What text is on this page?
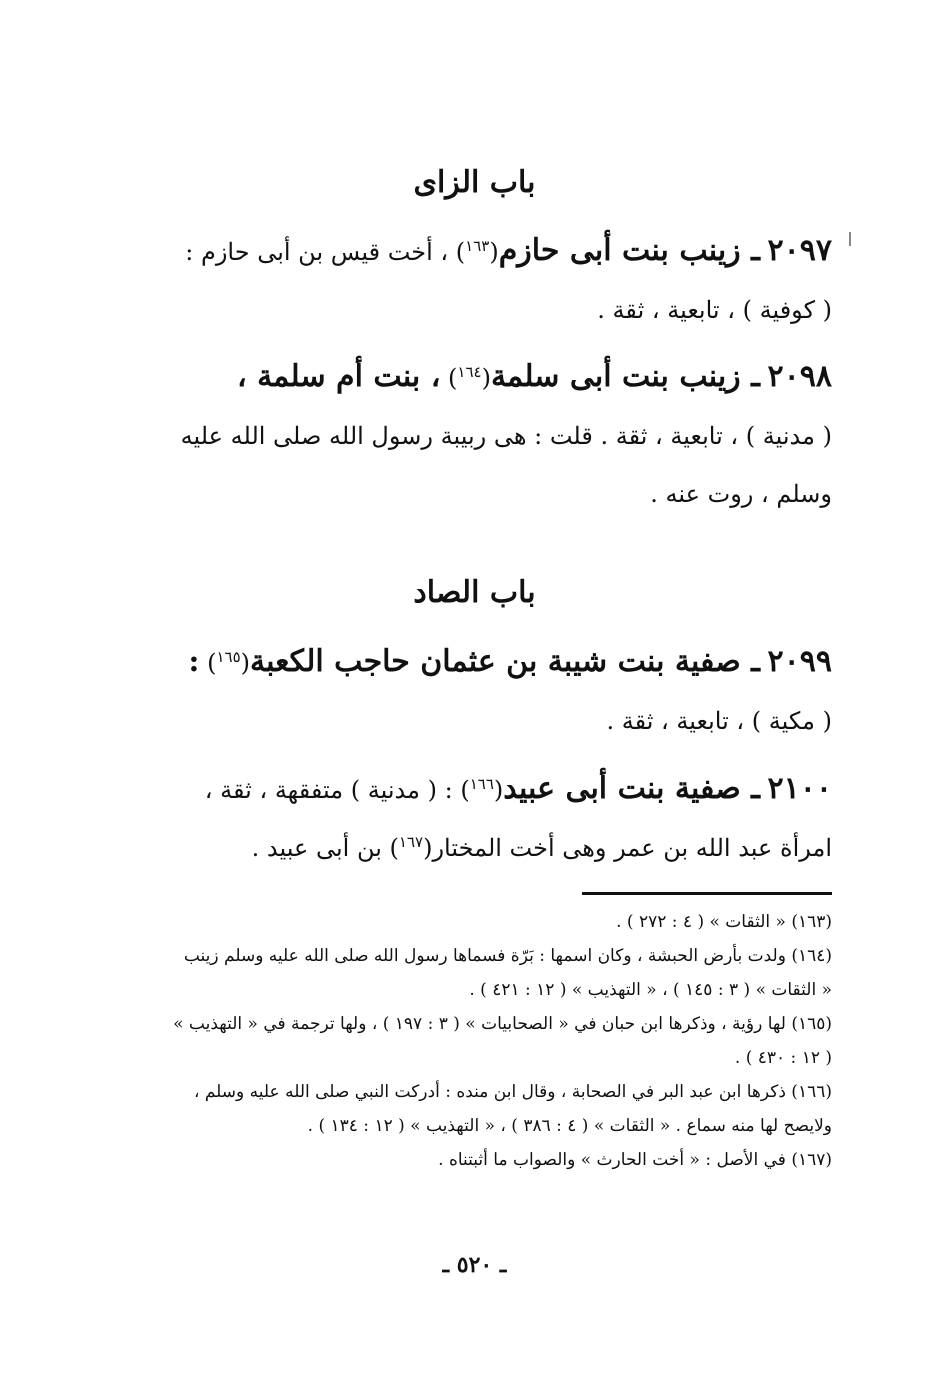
باب الزاى
٢٠٩٧ ـ زينب بنت أبى حازم($^{١٦٣}$) ، أخت قيس بن أبى حازم :
( كوفية ) ، تابعية ، ثقة .
٢٠٩٨ ـ زينب بنت أبى سلمة($^{١٦٤}$) ، بنت أم سلمة ،
( مدنية ) ، تابعية ، ثقة . قلت : هى ربيبة رسول الله صلى الله عليه
وسلم ، روت عنه .
باب الصاد
٢٠٩٩ ـ صفية بنت شيبة بن عثمان حاجب الكعبة($^{١٦٥}$) :
( مكية ) ، تابعية ، ثقة .
٢١٠٠ ـ صفية بنت أبى عبيد($^{١٦٦}$) : ( مدنية ) متفقهة ، ثقة ،
امرأة عبد الله بن عمر وهى أخت المختار($^{١٦٧}$) بن أبى عبيد .
(١٦٣) « الثقات » ( ٤ : ٢٧٢ ) .
(١٦٤) ولدت بأرض الحبشة ، وكان اسمها : بَرّة فسماها رسول الله صلى الله عليه وسلم زينب
« الثقات » ( ٣ : ١٤٥ ) ، « التهذيب » ( ١٢ : ٤٢١ ) .
(١٦٥) لها رؤية ، وذكرها ابن حبان في « الصحابيات » ( ٣ : ١٩٧ ) ، ولها ترجمة في « التهذيب »
( ١٢ : ٤٣٠ ) .
(١٦٦) ذكرها ابن عبد البر في الصحابة ، وقال ابن منده : أدركت النبي صلى الله عليه وسلم ،
ولايصح لها منه سماع . « الثقات » ( ٤ : ٣٨٦ ) ، « التهذيب » ( ١٢ : ١٣٤ ) .
(١٦٧) في الأصل : « أخت الحارث » والصواب ما أثبتناه .
ـ ٥٢٠ ـ
